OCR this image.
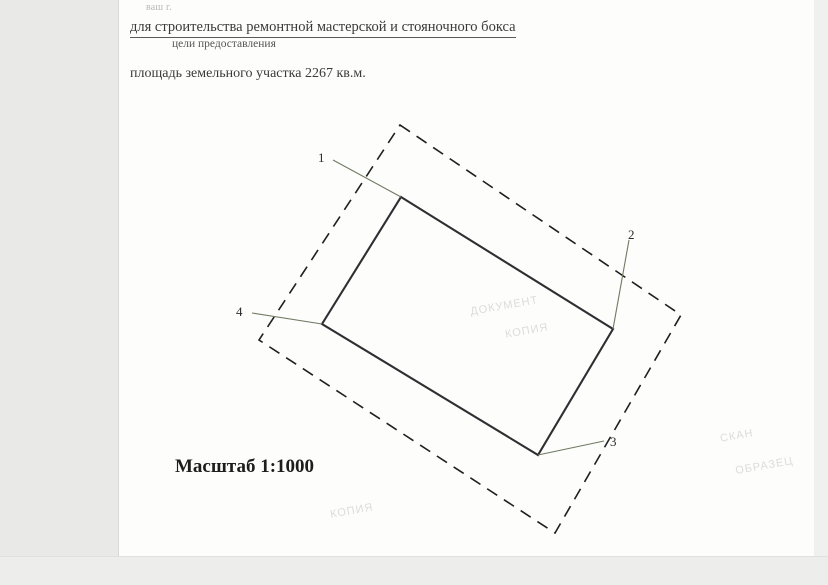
ваш г.
для строительства ремонтной мастерской и стояночного бокса
цели предоставления
площадь земельного участка 2267 кв.м.
1
2
3
4
Масштаб 1:1000
ДОКУМЕНТ
КОПИЯ
СКАН
ОБРАЗЕЦ
КОПИЯ
